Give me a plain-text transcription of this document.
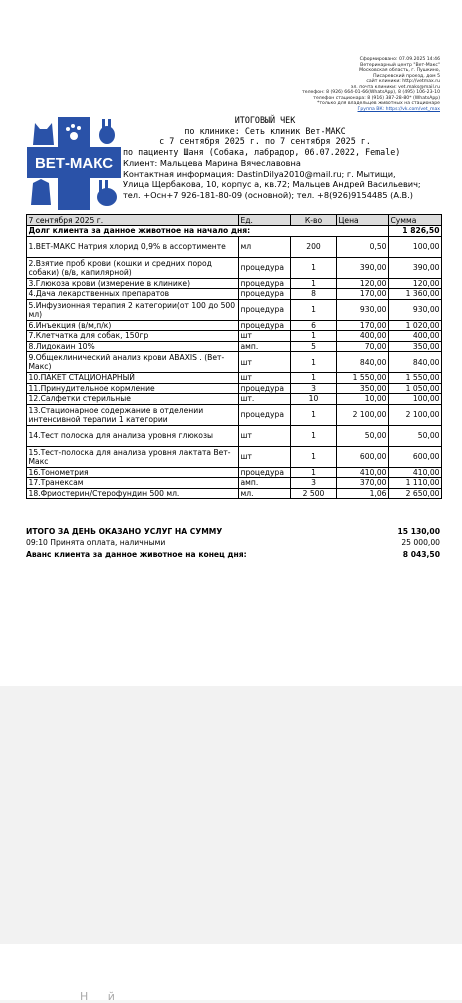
Сформировано: 07.09.2025 14:46
Ветеринарный центр "Вет-Макс"
Московская область, г. Пушкино,
Писаревский проезд, дом 5
сайт клиники: http://vetmax.ru
эл. почта клиники: vet.maks@mail.ru
телефон: 8 (926) 664-01-66(WhatsApp), 8 (495) 106-23-10
телефон стационара: 8 (916) 387-28-80* (WhatsApp)
*только для владельцев животных на стационаре
Группа ВК: https://vk.com/vet_max
ВЕТ-МАКС
ИТОГОВЫЙ ЧЕК
по клинике: Сеть клиник Вет-МАКС
с 7 сентября 2025 г. по 7 сентября 2025 г.
по пациенту Шаня (Собака, лабрадор, 06.07.2022, Female)
Клиент: Мальцева Марина Вячеславовна
Контактная информация: DastinDilya2010@mail.ru; г. Мытищи, Улица Щербакова, 10, корпус а, кв.72; Мальцев Андрей Васильевич; тел. +Осн+7 926-181-80-09 (основной); тел. +8(926)9154485 (А.В.)
7 сентября 2025 г.	Ед.	К-во	Цена	Сумма
Долг клиента за данное животное на начало дня:				1 826,50
1.ВЕТ-МАКС Натрия хлорид 0,9% в ассортименте	мл	200	0,50	100,00
2.Взятие проб крови (кошки и средних пород собаки) (в/в, капилярной)	процедура	1	390,00	390,00
3.Глюкоза крови (измерение в клинике)	процедура	1	120,00	120,00
4.Дача лекарственных препаратов	процедура	8	170,00	1 360,00
5.Инфузионная терапия 2 категории(от 100 до 500 мл)	процедура	1	930,00	930,00
6.Инъекция (в/м,п/к)	процедура	6	170,00	1 020,00
7.Клетчатка для собак, 150гр	шт	1	400,00	400,00
8.Лидокаин 10%	амп.	5	70,00	350,00
9.Общеклинический анализ крови ABAXIS . (Вет-Макс)	шт	1	840,00	840,00
10.ПАКЕТ СТАЦИОНАРНЫЙ	шт	1	1 550,00	1 550,00
11.Принудительное кормление	процедура	3	350,00	1 050,00
12.Салфетки стерильные	шт.	10	10,00	100,00
13.Стационарное содержание в отделении интенсивной терапии 1 категории	процедура	1	2 100,00	2 100,00
14.Тест полоска для анализа уровня глюкозы	шт	1	50,00	50,00
15.Тест-полоска для анализа уровня лактата Вет-Макс	шт	1	600,00	600,00
16.Тонометрия	процедура	1	410,00	410,00
17.Транексам	амп.	3	370,00	1 110,00
18.Фриостерин/Стерофундин 500 мл.	мл.	2 500	1,06	2 650,00
ИТОГО ЗА ДЕНЬ ОКАЗАНО УСЛУГ НА СУММУ	15 130,00
09:10 Принята оплата, наличными	25 000,00
Аванс клиента за данное животное на конец дня:	8 043,50
Н й
